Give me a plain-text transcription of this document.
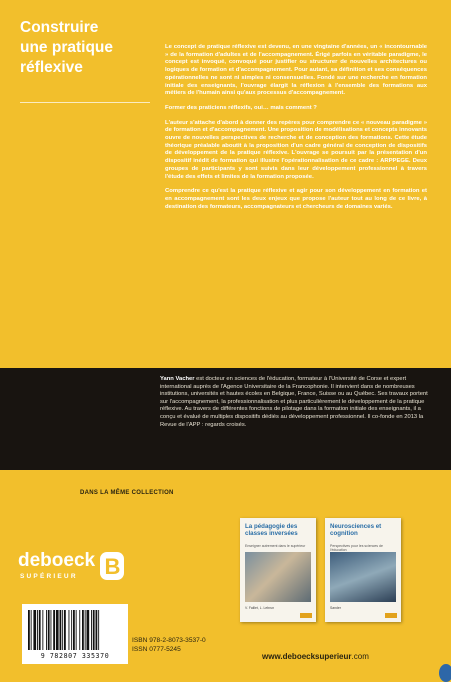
Construire
une pratique
réflexive

Le concept de pratique réflexive est devenu, en une vingtaine d'années, un « incontournable » de la formation d'adultes et de l'accompagnement. Érigé parfois en véritable paradigme, le concept est invoqué, convoqué pour justifier ou structurer de nouvelles architectures ou logiques de formation et d'accompagnement. Pour autant, sa définition et ses conséquences opérationnelles ne sont ni simples ni consensuelles. Fondé sur une recherche en formation initiale des enseignants, l'ouvrage élargit la réflexion à l'ensemble des formations aux métiers de l'humain ainsi qu'aux processus d'accompagnement.

Former des praticiens réflexifs, oui… mais comment ?

L'auteur s'attache d'abord à donner des repères pour comprendre ce « nouveau paradigme » de formation et d'accompagnement. Une proposition de modélisations et concepts innovants ouvre de nouvelles perspectives de recherche et de conception des formations. Cette étude théorique préalable aboutit à la proposition d'un cadre général de conception de dispositifs de développement de la pratique réflexive. L'ouvrage se poursuit par la présentation d'un dispositif inédit de formation qui illustre l'opérationnalisation de ce cadre : ARPPEGE. Deux groupes de participants y sont suivis dans leur développement professionnel à travers l'étude des effets et limites de la formation proposée.

Comprendre ce qu'est la pratique réflexive et agir pour son développement en formation et en accompagnement sont les deux enjeux que propose l'auteur tout au long de ce livre, à destination des formateurs, accompagnateurs et chercheurs de domaines variés.

Yann Vacher est docteur en sciences de l'éducation, formateur à l'Université de Corse et expert international auprès de l'Agence Universitaire de la Francophonie. Il intervient dans de nombreuses institutions, universités et hautes écoles en Belgique, France, Suisse ou au Québec. Ses travaux portent sur l'accompagnement, la professionnalisation et plus particulièrement le développement de la pratique réflexive. Au travers de différentes fonctions de pilotage dans la formation initiale des enseignants, il a conçu et évalué de multiples dispositifs dédiés au développement professionnel. Il co-fonde en 2013 la Revue de l'APP : regards croisés.
DANS LA MÊME COLLECTION
deboeck
SUPÉRIEUR B
La pédagogie des classes inversées
Enseigner autrement dans le supérieur
V. Faillet, L. Lebrun
Neurosciences et cognition
Perspectives pour les sciences de l'éducation
Sander
9 782807 335370
ISBN 978-2-8073-3537-0
ISSN 0777-5245
www.deboecksuperieur.com
